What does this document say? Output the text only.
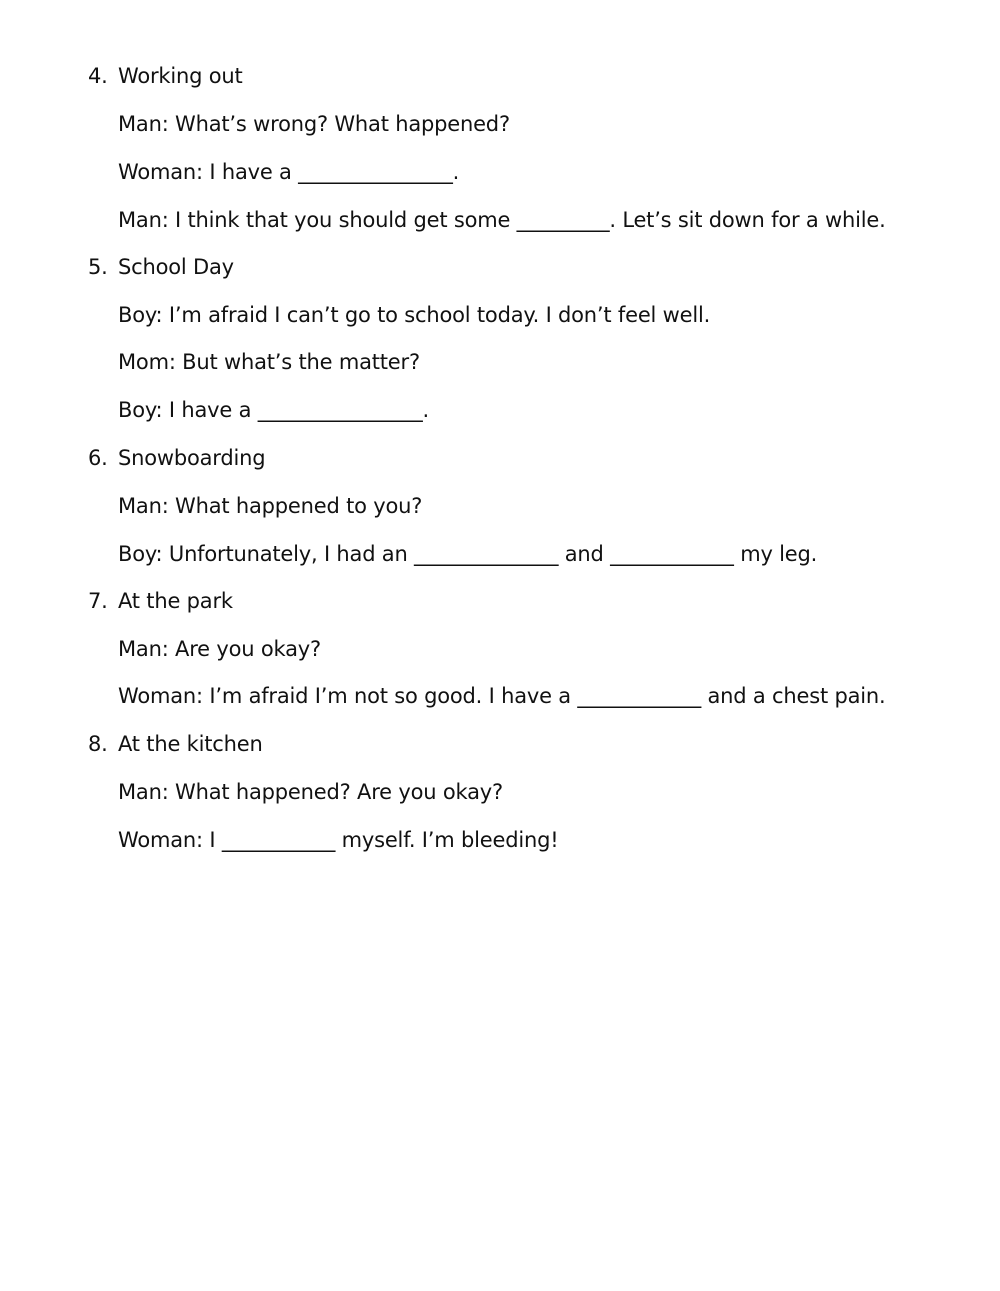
4. Working out
Man: What’s wrong? What happened?
Woman: I have a _______________.
Man: I think that you should get some _________. Let’s sit down for a while.
5. School Day
Boy: I’m afraid I can’t go to school today. I don’t feel well.
Mom: But what’s the matter?
Boy: I have a ________________.
6. Snowboarding
Man: What happened to you?
Boy: Unfortunately, I had an ______________ and ____________ my leg.
7. At the park
Man: Are you okay?
Woman: I’m afraid I’m not so good. I have a ____________ and a chest pain.
8. At the kitchen
Man: What happened? Are you okay?
Woman: I ___________ myself. I’m bleeding!
